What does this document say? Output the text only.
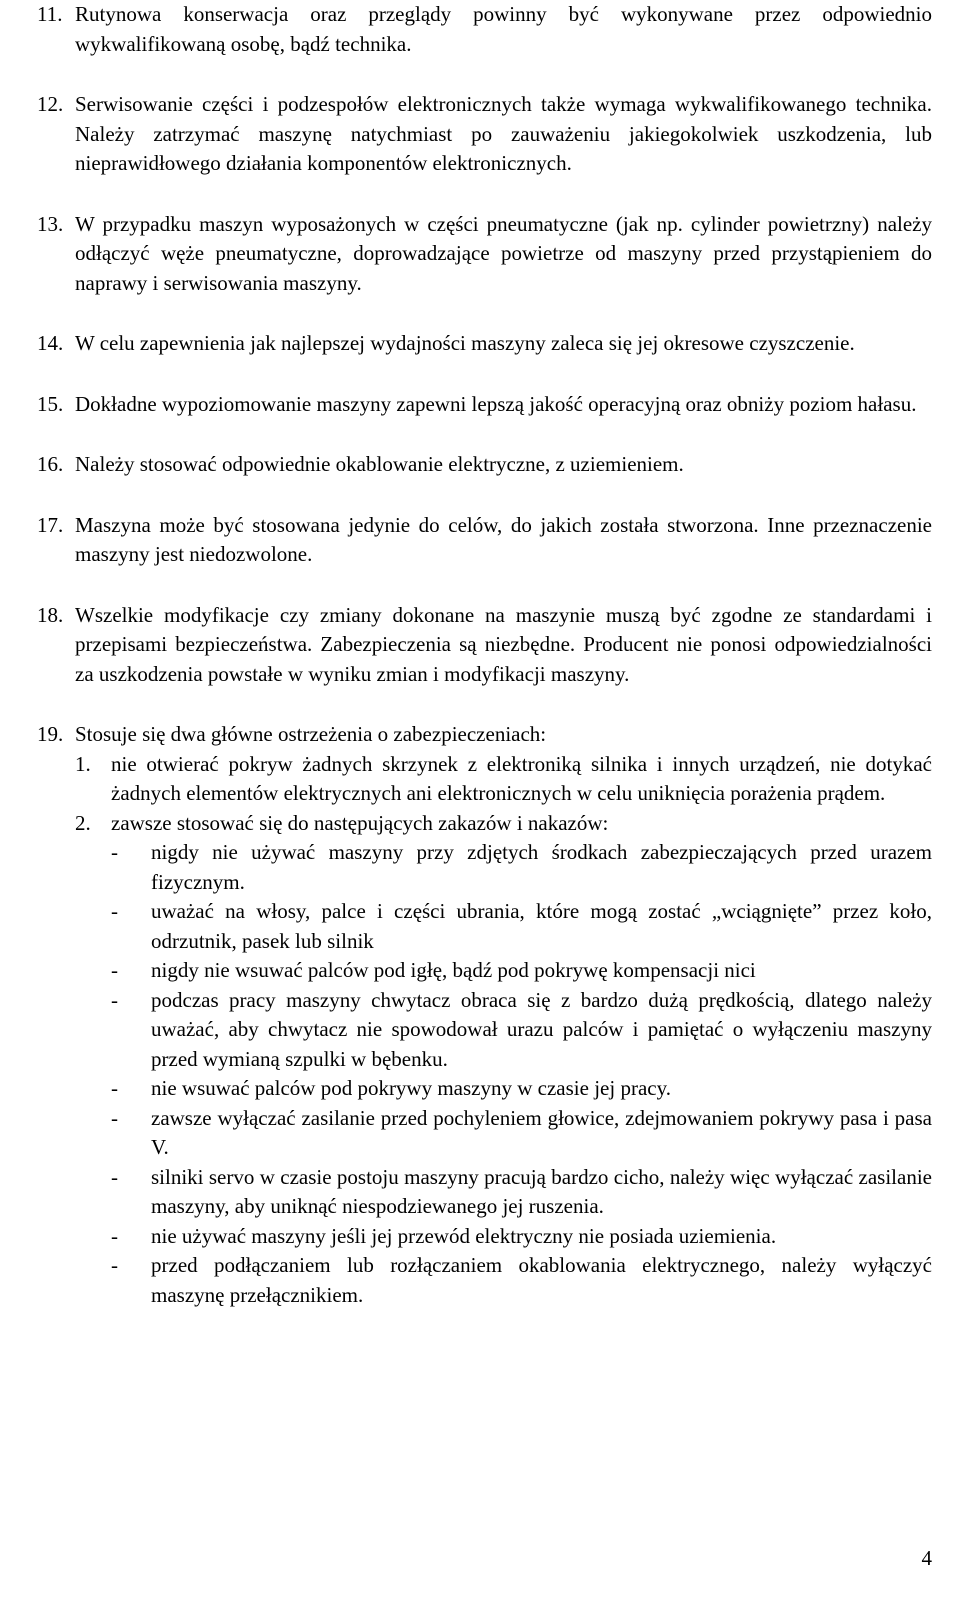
11. Rutynowa konserwacja oraz przeglądy powinny być wykonywane przez odpowiednio wykwalifikowaną osobę, bądź technika.

12. Serwisowanie części i podzespołów elektronicznych także wymaga wykwalifikowanego technika. Należy zatrzymać maszynę natychmiast po zauważeniu jakiegokolwiek uszkodzenia, lub nieprawidłowego działania komponentów elektronicznych.

13. W przypadku maszyn wyposażonych w części pneumatyczne (jak np. cylinder powietrzny) należy odłączyć węże pneumatyczne, doprowadzające powietrze od maszyny przed przystąpieniem do naprawy i serwisowania maszyny.

14. W celu zapewnienia jak najlepszej wydajności maszyny zaleca się jej okresowe czyszczenie.

15. Dokładne wypoziomowanie maszyny zapewni lepszą jakość operacyjną oraz obniży poziom hałasu.

16. Należy stosować odpowiednie okablowanie elektryczne, z uziemieniem.

17. Maszyna może być stosowana jedynie do celów, do jakich została stworzona. Inne przeznaczenie maszyny jest niedozwolone.

18. Wszelkie modyfikacje czy zmiany dokonane na maszynie muszą być zgodne ze standardami i przepisami bezpieczeństwa. Zabezpieczenia są niezbędne. Producent nie ponosi odpowiedzialności za uszkodzenia powstałe w wyniku zmian i modyfikacji maszyny.

19. Stosuje się dwa główne ostrzeżenia o zabezpieczeniach:

1. nie otwierać pokryw żadnych skrzynek z elektroniką silnika i innych urządzeń, nie dotykać żadnych elementów elektrycznych ani elektronicznych w celu uniknięcia porażenia prądem.

2. zawsze stosować się do następujących zakazów i nakazów:

- nigdy nie używać maszyny przy zdjętych środkach zabezpieczających przed urazem fizycznym.
- uważać na włosy, palce i części ubrania, które mogą zostać „wciągnięte” przez koło, odrzutnik, pasek lub silnik
- nigdy nie wsuwać palców pod igłę, bądź pod pokrywę kompensacji nici
- podczas pracy maszyny chwytacz obraca się z bardzo dużą prędkością, dlatego należy uważać, aby chwytacz nie spowodował urazu palców i pamiętać o wyłączeniu maszyny przed wymianą szpulki w bębenku.
- nie wsuwać palców pod pokrywy maszyny w czasie jej pracy.
- zawsze wyłączać zasilanie przed pochyleniem głowice, zdejmowaniem pokrywy pasa i pasa V.
- silniki servo w czasie postoju maszyny pracują bardzo cicho, należy więc wyłączać zasilanie maszyny, aby uniknąć niespodziewanego jej ruszenia.
- nie używać maszyny jeśli jej przewód elektryczny nie posiada uziemienia.
- przed podłączaniem lub rozłączaniem okablowania elektrycznego, należy wyłączyć maszynę przełącznikiem.
4
